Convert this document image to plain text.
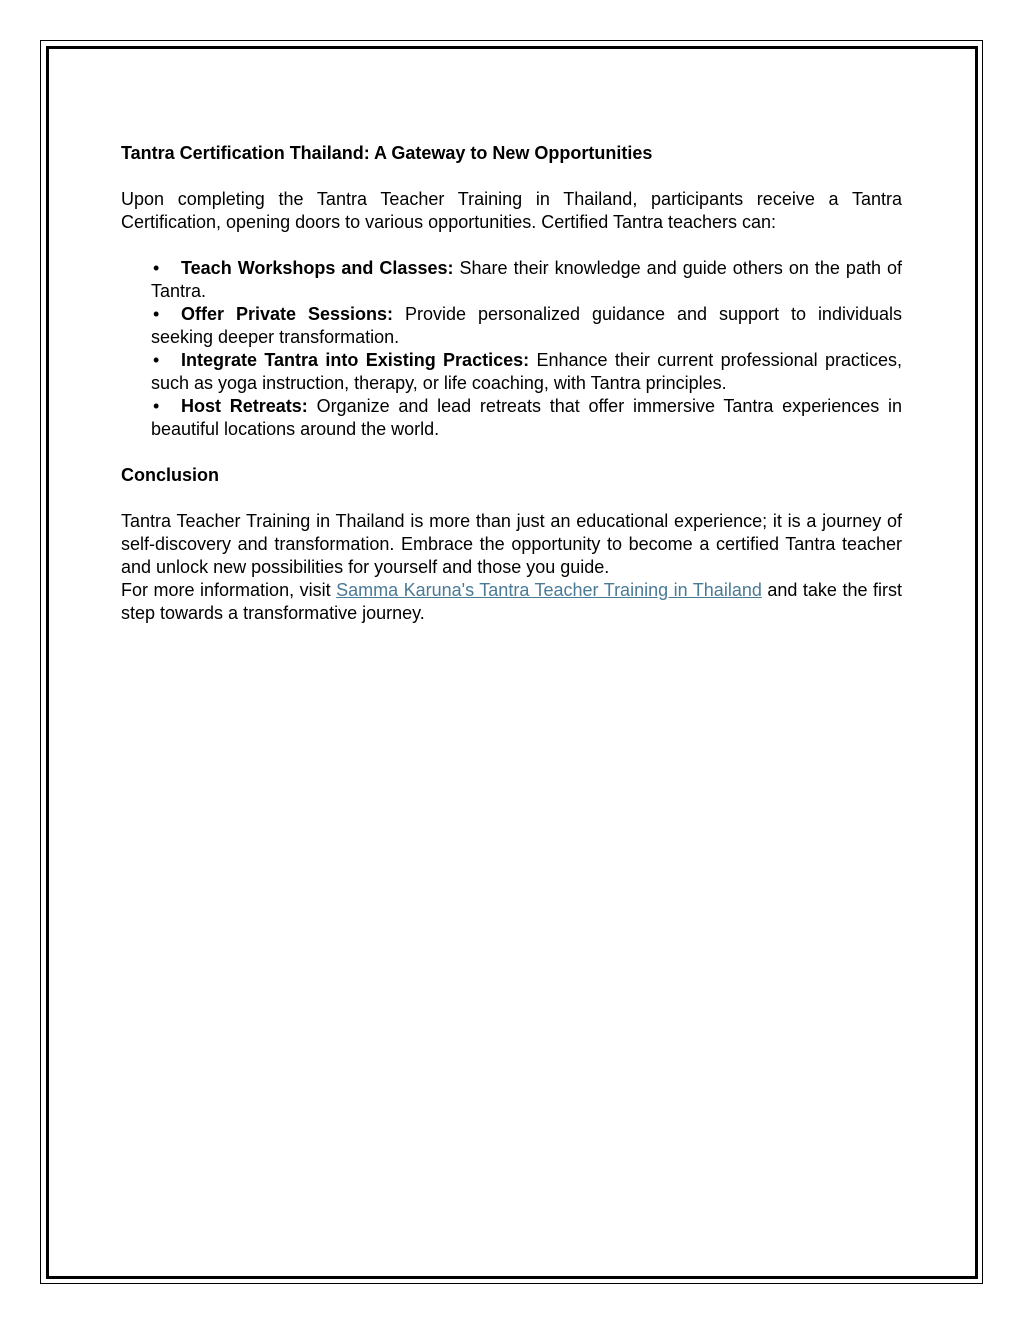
Tantra Certification Thailand: A Gateway to New Opportunities

Upon completing the Tantra Teacher Training in Thailand, participants receive a Tantra Certification, opening doors to various opportunities. Certified Tantra teachers can:

• Teach Workshops and Classes: Share their knowledge and guide others on the path of Tantra.
• Offer Private Sessions: Provide personalized guidance and support to individuals seeking deeper transformation.
• Integrate Tantra into Existing Practices: Enhance their current professional practices, such as yoga instruction, therapy, or life coaching, with Tantra principles.
• Host Retreats: Organize and lead retreats that offer immersive Tantra experiences in beautiful locations around the world.

Conclusion

Tantra Teacher Training in Thailand is more than just an educational experience; it is a journey of self-discovery and transformation. Embrace the opportunity to become a certified Tantra teacher and unlock new possibilities for yourself and those you guide.

For more information, visit Samma Karuna's Tantra Teacher Training in Thailand and take the first step towards a transformative journey.
